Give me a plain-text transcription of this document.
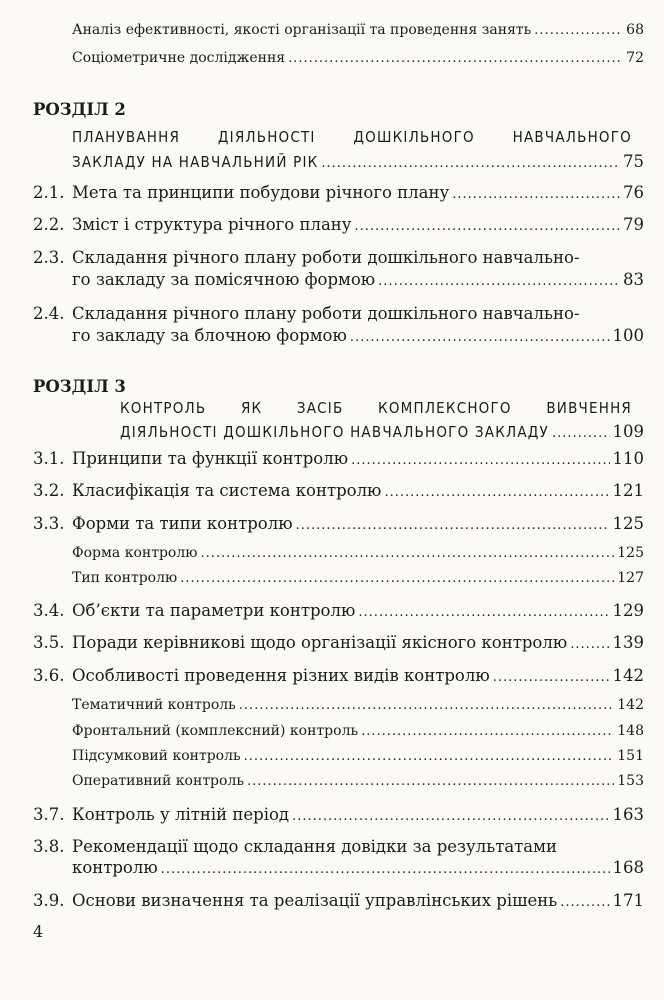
Аналіз ефективності, якості організації та проведення занять .....	68
Соціометричне дослідження .....	72
РОЗДІЛ 2
ПЛАНУВАННЯ ДІЯЛЬНОСТІ ДОШКІЛЬНОГО НАВЧАЛЬНОГО
ЗАКЛАДУ НА НАВЧАЛЬНИЙ РІК .....	75
2.1. Мета та принципи побудови річного плану .....	76
2.2. Зміст і структура річного плану .....	79
2.3. Складання річного плану роботи дошкільного навчально-
го закладу за помісячною формою .....	83
2.4. Складання річного плану роботи дошкільного навчально-
го закладу за блочною формою .....	100
РОЗДІЛ 3
КОНТРОЛЬ ЯК ЗАСІБ КОМПЛЕКСНОГО ВИВЧЕННЯ
ДІЯЛЬНОСТІ ДОШКІЛЬНОГО НАВЧАЛЬНОГО ЗАКЛАДУ .....	109
3.1. Принципи та функції контролю .....	110
3.2. Класифікація та система контролю .....	121
3.3. Форми та типи контролю .....	125
Форма контролю .....	125
Тип контролю .....	127
3.4. Об’єкти та параметри контролю .....	129
3.5. Поради керівникові щодо організації якісного контролю .....	139
3.6. Особливості проведення різних видів контролю .....	142
Тематичний контроль .....	142
Фронтальний (комплексний) контроль .....	148
Підсумковий контроль .....	151
Оперативний контроль .....	153
3.7. Контроль у літній період .....	163
3.8. Рекомендації щодо складання довідки за результатами
контролю .....	168
3.9. Основи визначення та реалізації управлінських рішень .....	171
4
